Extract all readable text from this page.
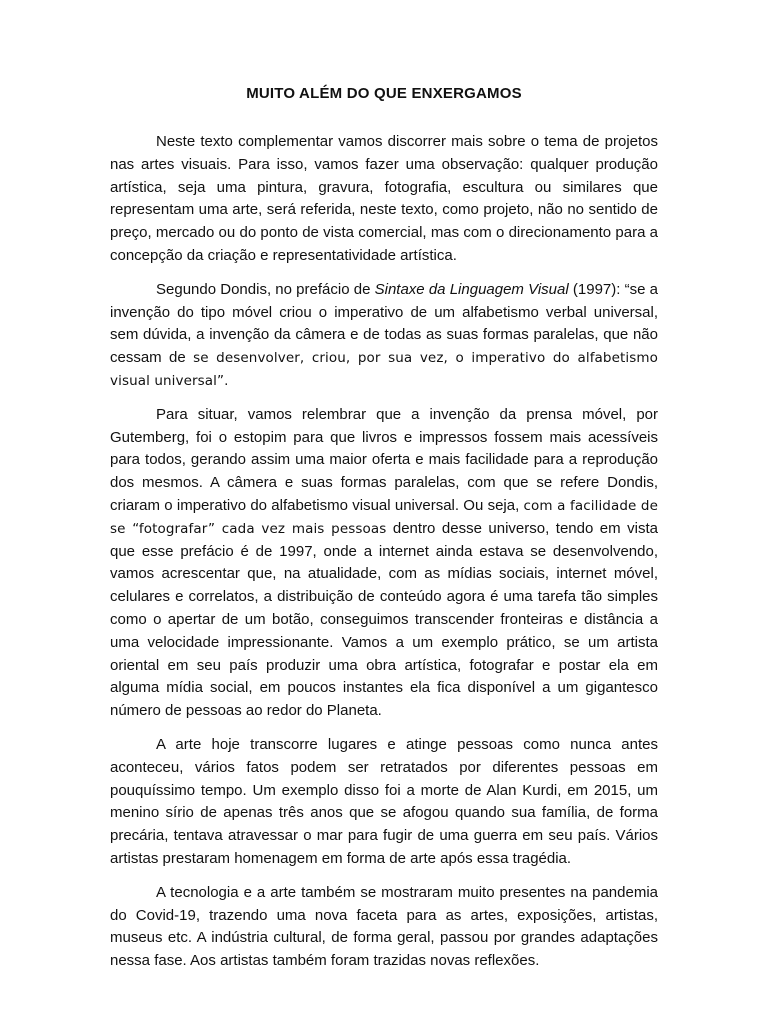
MUITO ALÉM DO QUE ENXERGAMOS

Neste texto complementar vamos discorrer mais sobre o tema de projetos nas artes visuais. Para isso, vamos fazer uma observação: qualquer produção artística, seja uma pintura, gravura, fotografia, escultura ou similares que representam uma arte, será referida, neste texto, como projeto, não no sentido de preço, mercado ou do ponto de vista comercial, mas com o direcionamento para a concepção da criação e representatividade artística.

Segundo Dondis, no prefácio de Sintaxe da Linguagem Visual (1997): “se a invenção do tipo móvel criou o imperativo de um alfabetismo verbal universal, sem dúvida, a invenção da câmera e de todas as suas formas paralelas, que não cessam de se desenvolver, criou, por sua vez, o imperativo do alfabetismo visual universal”.

Para situar, vamos relembrar que a invenção da prensa móvel, por Gutemberg, foi o estopim para que livros e impressos fossem mais acessíveis para todos, gerando assim uma maior oferta e mais facilidade para a reprodução dos mesmos. A câmera e suas formas paralelas, com que se refere Dondis, criaram o imperativo do alfabetismo visual universal. Ou seja, com a facilidade de se “fotografar” cada vez mais pessoas dentro desse universo, tendo em vista que esse prefácio é de 1997, onde a internet ainda estava se desenvolvendo, vamos acrescentar que, na atualidade, com as mídias sociais, internet móvel, celulares e correlatos, a distribuição de conteúdo agora é uma tarefa tão simples como o apertar de um botão, conseguimos transcender fronteiras e distância a uma velocidade impressionante. Vamos a um exemplo prático, se um artista oriental em seu país produzir uma obra artística, fotografar e postar ela em alguma mídia social, em poucos instantes ela fica disponível a um gigantesco número de pessoas ao redor do Planeta.

A arte hoje transcorre lugares e atinge pessoas como nunca antes aconteceu, vários fatos podem ser retratados por diferentes pessoas em pouquíssimo tempo. Um exemplo disso foi a morte de Alan Kurdi, em 2015, um menino sírio de apenas três anos que se afogou quando sua família, de forma precária, tentava atravessar o mar para fugir de uma guerra em seu país. Vários artistas prestaram homenagem em forma de arte após essa tragédia.

A tecnologia e a arte também se mostraram muito presentes na pandemia do Covid-19, trazendo uma nova faceta para as artes, exposições, artistas, museus etc. A indústria cultural, de forma geral, passou por grandes adaptações nessa fase. Aos artistas também foram trazidas novas reflexões.
